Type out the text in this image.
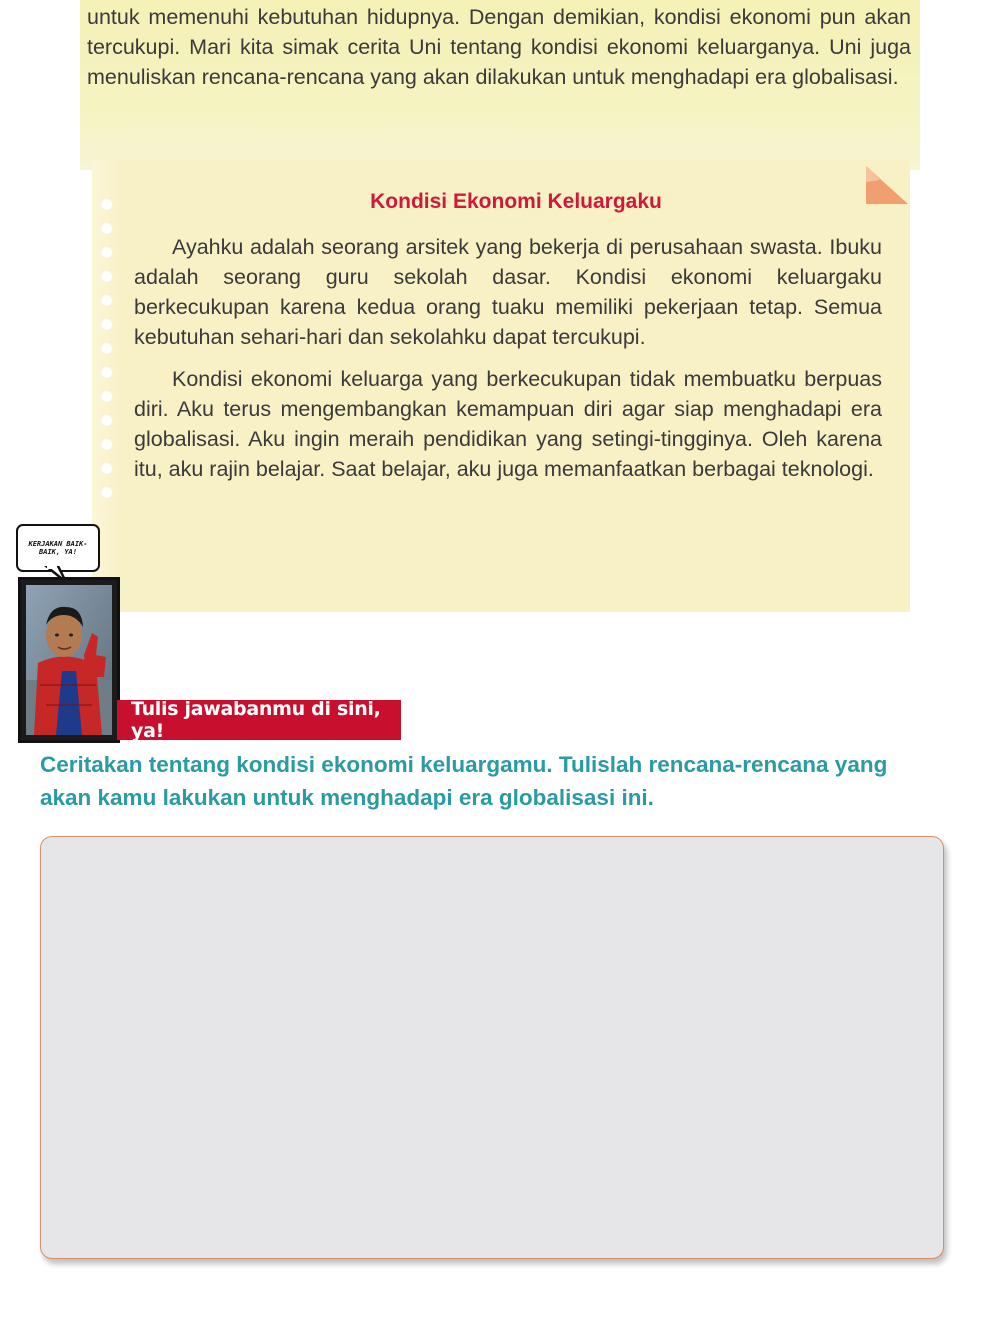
untuk memenuhi kebutuhan hidupnya. Dengan demikian, kondisi ekonomi pun akan tercukupi. Mari kita simak cerita Uni tentang kondisi ekonomi keluarganya. Uni juga menuliskan rencana-rencana yang akan dilakukan untuk menghadapi era globalisasi.

Kondisi Ekonomi Keluargaku

Ayahku adalah seorang arsitek yang bekerja di perusahaan swasta. Ibuku adalah seorang guru sekolah dasar. Kondisi ekonomi keluargaku berkecukupan karena kedua orang tuaku memiliki pekerjaan tetap. Semua kebutuhan sehari-hari dan sekolahku dapat tercukupi.

Kondisi ekonomi keluarga yang berkecukupan tidak membuatku berpuas diri. Aku terus mengembangkan kemampuan diri agar siap menghadapi era globalisasi. Aku ingin meraih pendidikan yang setingi-tingginya. Oleh karena itu, aku rajin belajar. Saat belajar, aku juga memanfaatkan berbagai teknologi.

KERJAKAN BAIK-BAIK, YA!
Tulis jawabanmu di sini, ya!

Ceritakan tentang kondisi ekonomi keluargamu. Tulislah rencana-rencana yang akan kamu lakukan untuk menghadapi era globalisasi ini.
